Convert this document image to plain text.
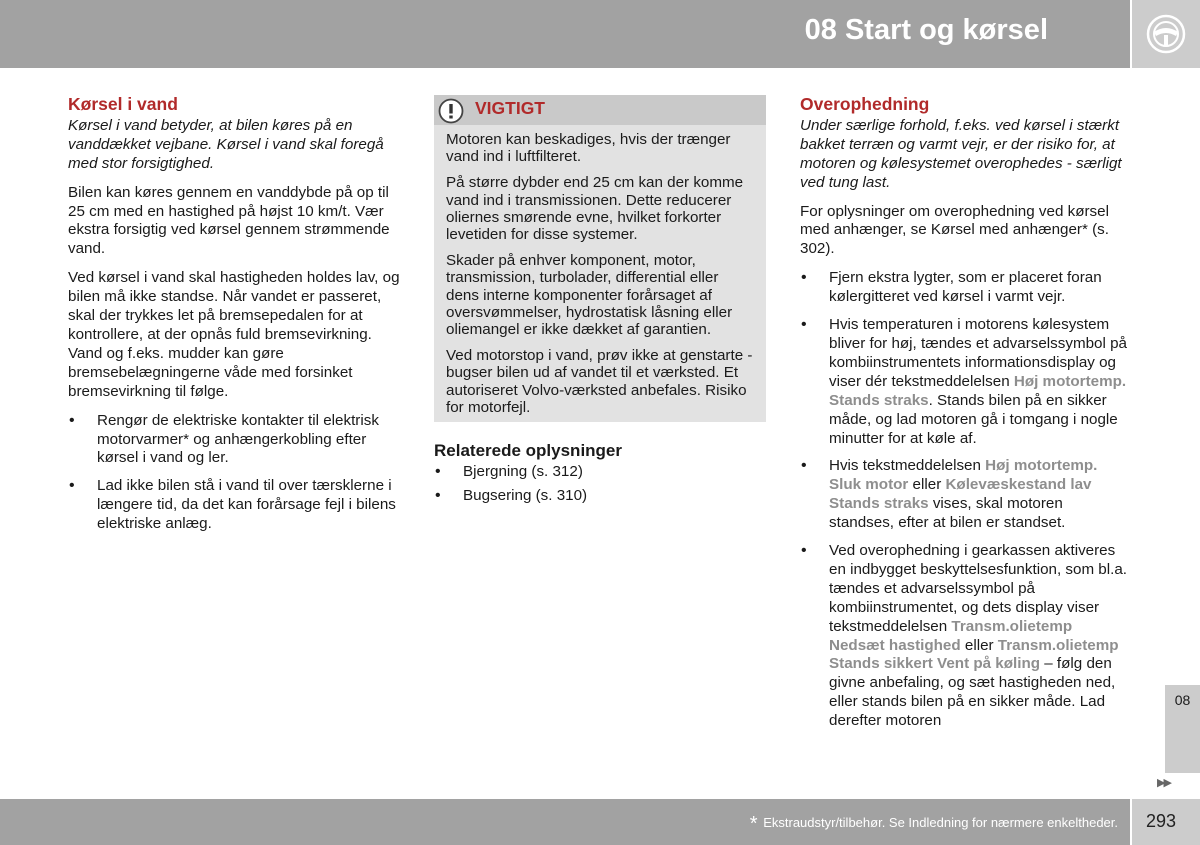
08 Start og kørsel
Kørsel i vand

Kørsel i vand betyder, at bilen køres på en vanddækket vejbane. Kørsel i vand skal foregå med stor forsigtighed.

Bilen kan køres gennem en vanddybde på op til 25 cm med en hastighed på højst 10 km/t. Vær ekstra forsigtig ved kørsel gennem strømmende vand.

Ved kørsel i vand skal hastigheden holdes lav, og bilen må ikke standse. Når vandet er passeret, skal der trykkes let på bremsepedalen for at kontrollere, at der opnås fuld bremsevirkning. Vand og f.eks. mudder kan gøre bremsebelægningerne våde med forsinket bremsevirkning til følge.

• Rengør de elektriske kontakter til elektrisk motorvarmer* og anhængerkobling efter kørsel i vand og ler.
• Lad ikke bilen stå i vand til over tærsklerne i længere tid, da det kan forårsage fejl i bilens elektriske anlæg.
VIGTIGT

Motoren kan beskadiges, hvis der trænger vand ind i luftfilteret.

På større dybder end 25 cm kan der komme vand ind i transmissionen. Dette reducerer oliernes smørende evne, hvilket forkorter levetiden for disse systemer.

Skader på enhver komponent, motor, transmission, turbolader, differential eller dens interne komponenter forårsaget af oversvømmelser, hydrostatisk låsning eller oliemangel er ikke dækket af garantien.

Ved motorstop i vand, prøv ikke at genstarte - bugser bilen ud af vandet til et værksted. Et autoriseret Volvo-værksted anbefales. Risiko for motorfejl.

Relaterede oplysninger
• Bjergning (s. 312)
• Bugsering (s. 310)
Overophedning

Under særlige forhold, f.eks. ved kørsel i stærkt bakket terræn og varmt vejr, er der risiko for, at motoren og kølesystemet overophedes - særligt ved tung last.

For oplysninger om overophedning ved kørsel med anhænger, se Kørsel med anhænger* (s. 302).

• Fjern ekstra lygter, som er placeret foran kølergitteret ved kørsel i varmt vejr.
• Hvis temperaturen i motorens kølesystem bliver for høj, tændes et advarselssymbol på kombiinstrumentets informationsdisplay og viser dér tekstmeddelelsen Høj motortemp. Stands straks. Stands bilen på en sikker måde, og lad motoren gå i tomgang i nogle minutter for at køle af.
• Hvis tekstmeddelelsen Høj motortemp. Sluk motor eller Kølevæskestand lav Stands straks vises, skal motoren standses, efter at bilen er standset.
• Ved overophedning i gearkassen aktiveres en indbygget beskyttelsesfunktion, som bl.a. tændes et advarselssymbol på kombiinstrumentet, og dets display viser tekstmeddelelsen Transm.olietemp Nedsæt hastighed eller Transm.olietemp Stands sikkert Vent på køling – følg den givne anbefaling, og sæt hastigheden ned, eller stands bilen på en sikker måde. Lad derefter motoren
08
▶▶
* Ekstraudstyr/tilbehør. Se Indledning for nærmere enkeltheder. 293
